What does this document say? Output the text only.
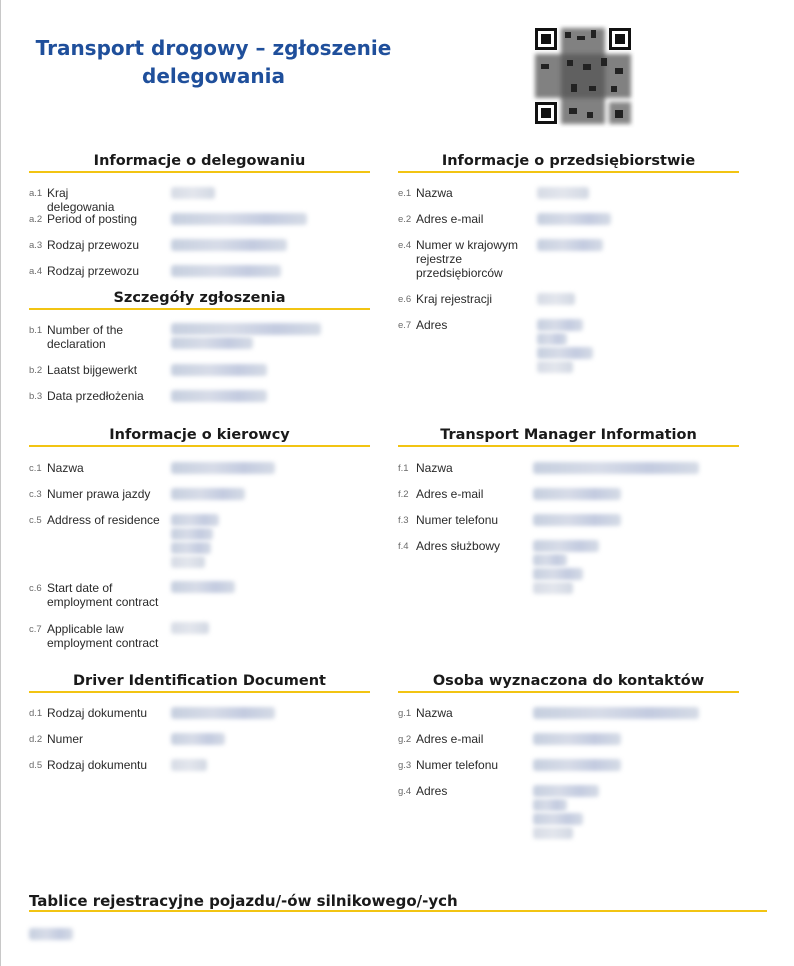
Transport drogowy – zgłoszenie
delegowania
Informacje o delegowaniu
a.1 Kraj delegowania
a.2 Period of posting
a.3 Rodzaj przewozu
a.4 Rodzaj przewozu
Szczegóły zgłoszenia
b.1 Number of the
declaration
b.2 Laatst bijgewerkt
b.3 Data przedłożenia
Informacje o przedsiębiorstwie
e.1 Nazwa
e.2 Adres e-mail
e.4 Numer w krajowym
rejestrze
przedsiębiorców
e.6 Kraj rejestracji
e.7 Adres
Informacje o kierowcy
c.1 Nazwa
c.3 Numer prawa jazdy
c.5 Address of residence
c.6 Start date of
employment contract
c.7 Applicable law
employment contract
Transport Manager Information
f.1 Nazwa
f.2 Adres e-mail
f.3 Numer telefonu
f.4 Adres służbowy
Driver Identification Document
d.1 Rodzaj dokumentu
d.2 Numer
d.5 Rodzaj dokumentu
Osoba wyznaczona do kontaktów
g.1 Nazwa
g.2 Adres e-mail
g.3 Numer telefonu
g.4 Adres
Tablice rejestracyjne pojazdu/-ów silnikowego/-ych
